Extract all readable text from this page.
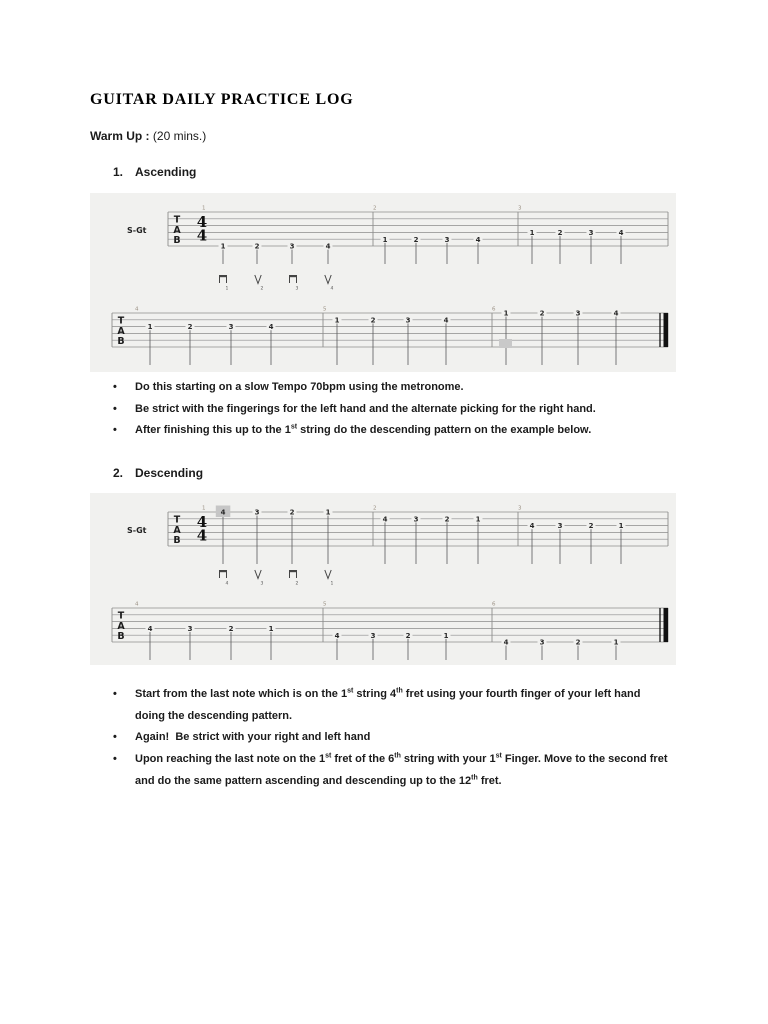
GUITAR DAILY PRACTICE LOG

Warm Up : (20 mins.)

1. Ascending
1
1	2	3	4
2
1	2	3	4
3
1	2	3	4
T
A
B
4
4
4
1	2	3	4
5
1	2	3	4
6
1	2	3	4
T
A
B
S-Gt
1	2	3	4
• Do this starting on a slow Tempo 70bpm using the metronome.
• Be strict with the fingerings for the left hand and the alternate picking for the right hand.
• After finishing this up to the 1st string do the descending pattern on the example below.
2. Descending
1
4	3	2	1
2
4	3	2	1
3
4	3	2	1
T
A
B
4
4
4
4	3	2	1
5
4	3	2	1
6
4	3	2	1
T
A
B
S-Gt
4	3	2	1
• Start from the last note which is on the 1st string 4th fret using your fourth finger of your left hand doing the descending pattern.
• Again!  Be strict with your right and left hand
• Upon reaching the last note on the 1st fret of the 6th string with your 1st Finger. Move to the second fret and do the same pattern ascending and descending up to the 12th fret.
